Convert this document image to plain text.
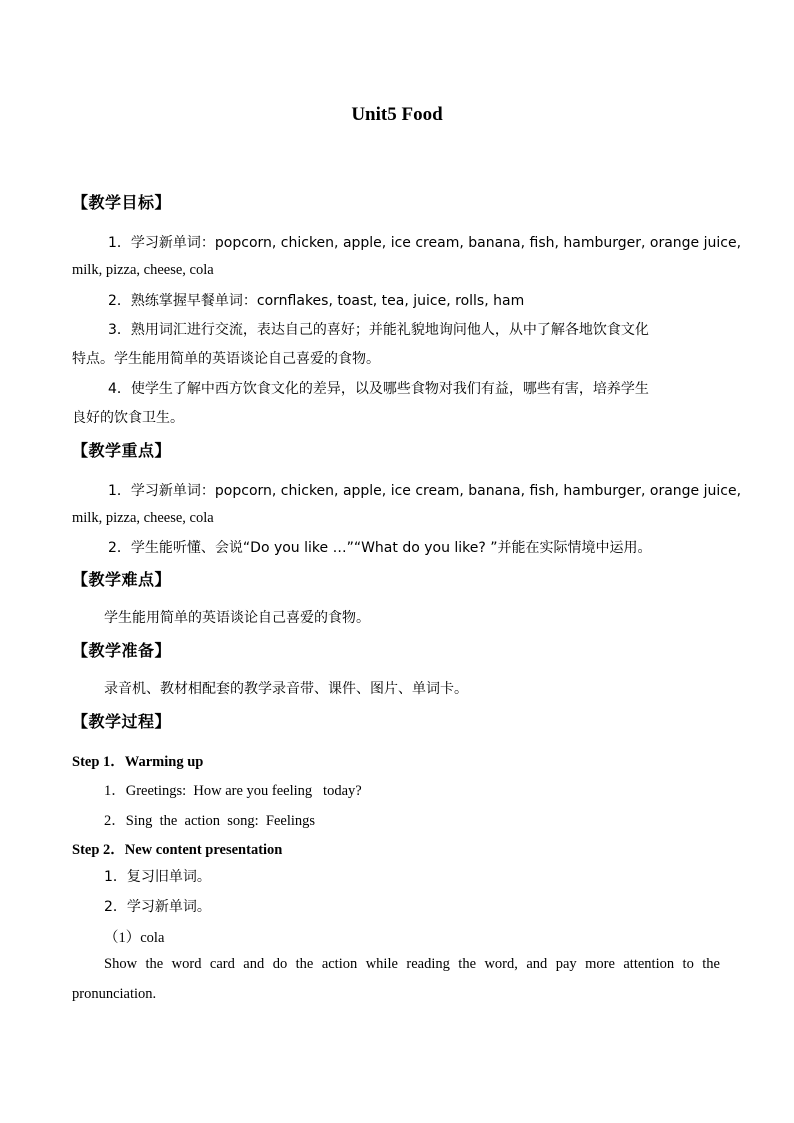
Unit5 Food
【教学目标】
1．学习新单词：popcorn, chicken, apple, ice cream, banana, fish, hamburger, orange juice,
milk, pizza, cheese, cola
2．熟练掌握早餐单词：cornflakes, toast, tea, juice, rolls, ham
3．熟用词汇进行交流，表达自己的喜好；并能礼貌地询问他人，从中了解各地饮食文化
特点。学生能用简单的英语谈论自己喜爱的食物。
4．使学生了解中西方饮食文化的差异，以及哪些食物对我们有益，哪些有害，培养学生
良好的饮食卫生。
【教学重点】
1．学习新单词：popcorn, chicken, apple, ice cream, banana, fish, hamburger, orange juice,
milk, pizza, cheese, cola
2．学生能听懂、会说“Do you like …”“What do you like? ”并能在实际情境中运用。
【教学难点】
学生能用简单的英语谈论自己喜爱的食物。
【教学准备】
录音机、教材相配套的教学录音带、课件、图片、单词卡。
【教学过程】
Step 1．Warming up
1．Greetings:  How are you feeling   today?
2．Sing  the  action  song:  Feelings
Step 2．New content presentation
1．复习旧单词。
2．学习新单词。
（1）cola
Show the word card and do the action while reading the word, and pay more attention to the
pronunciation.
